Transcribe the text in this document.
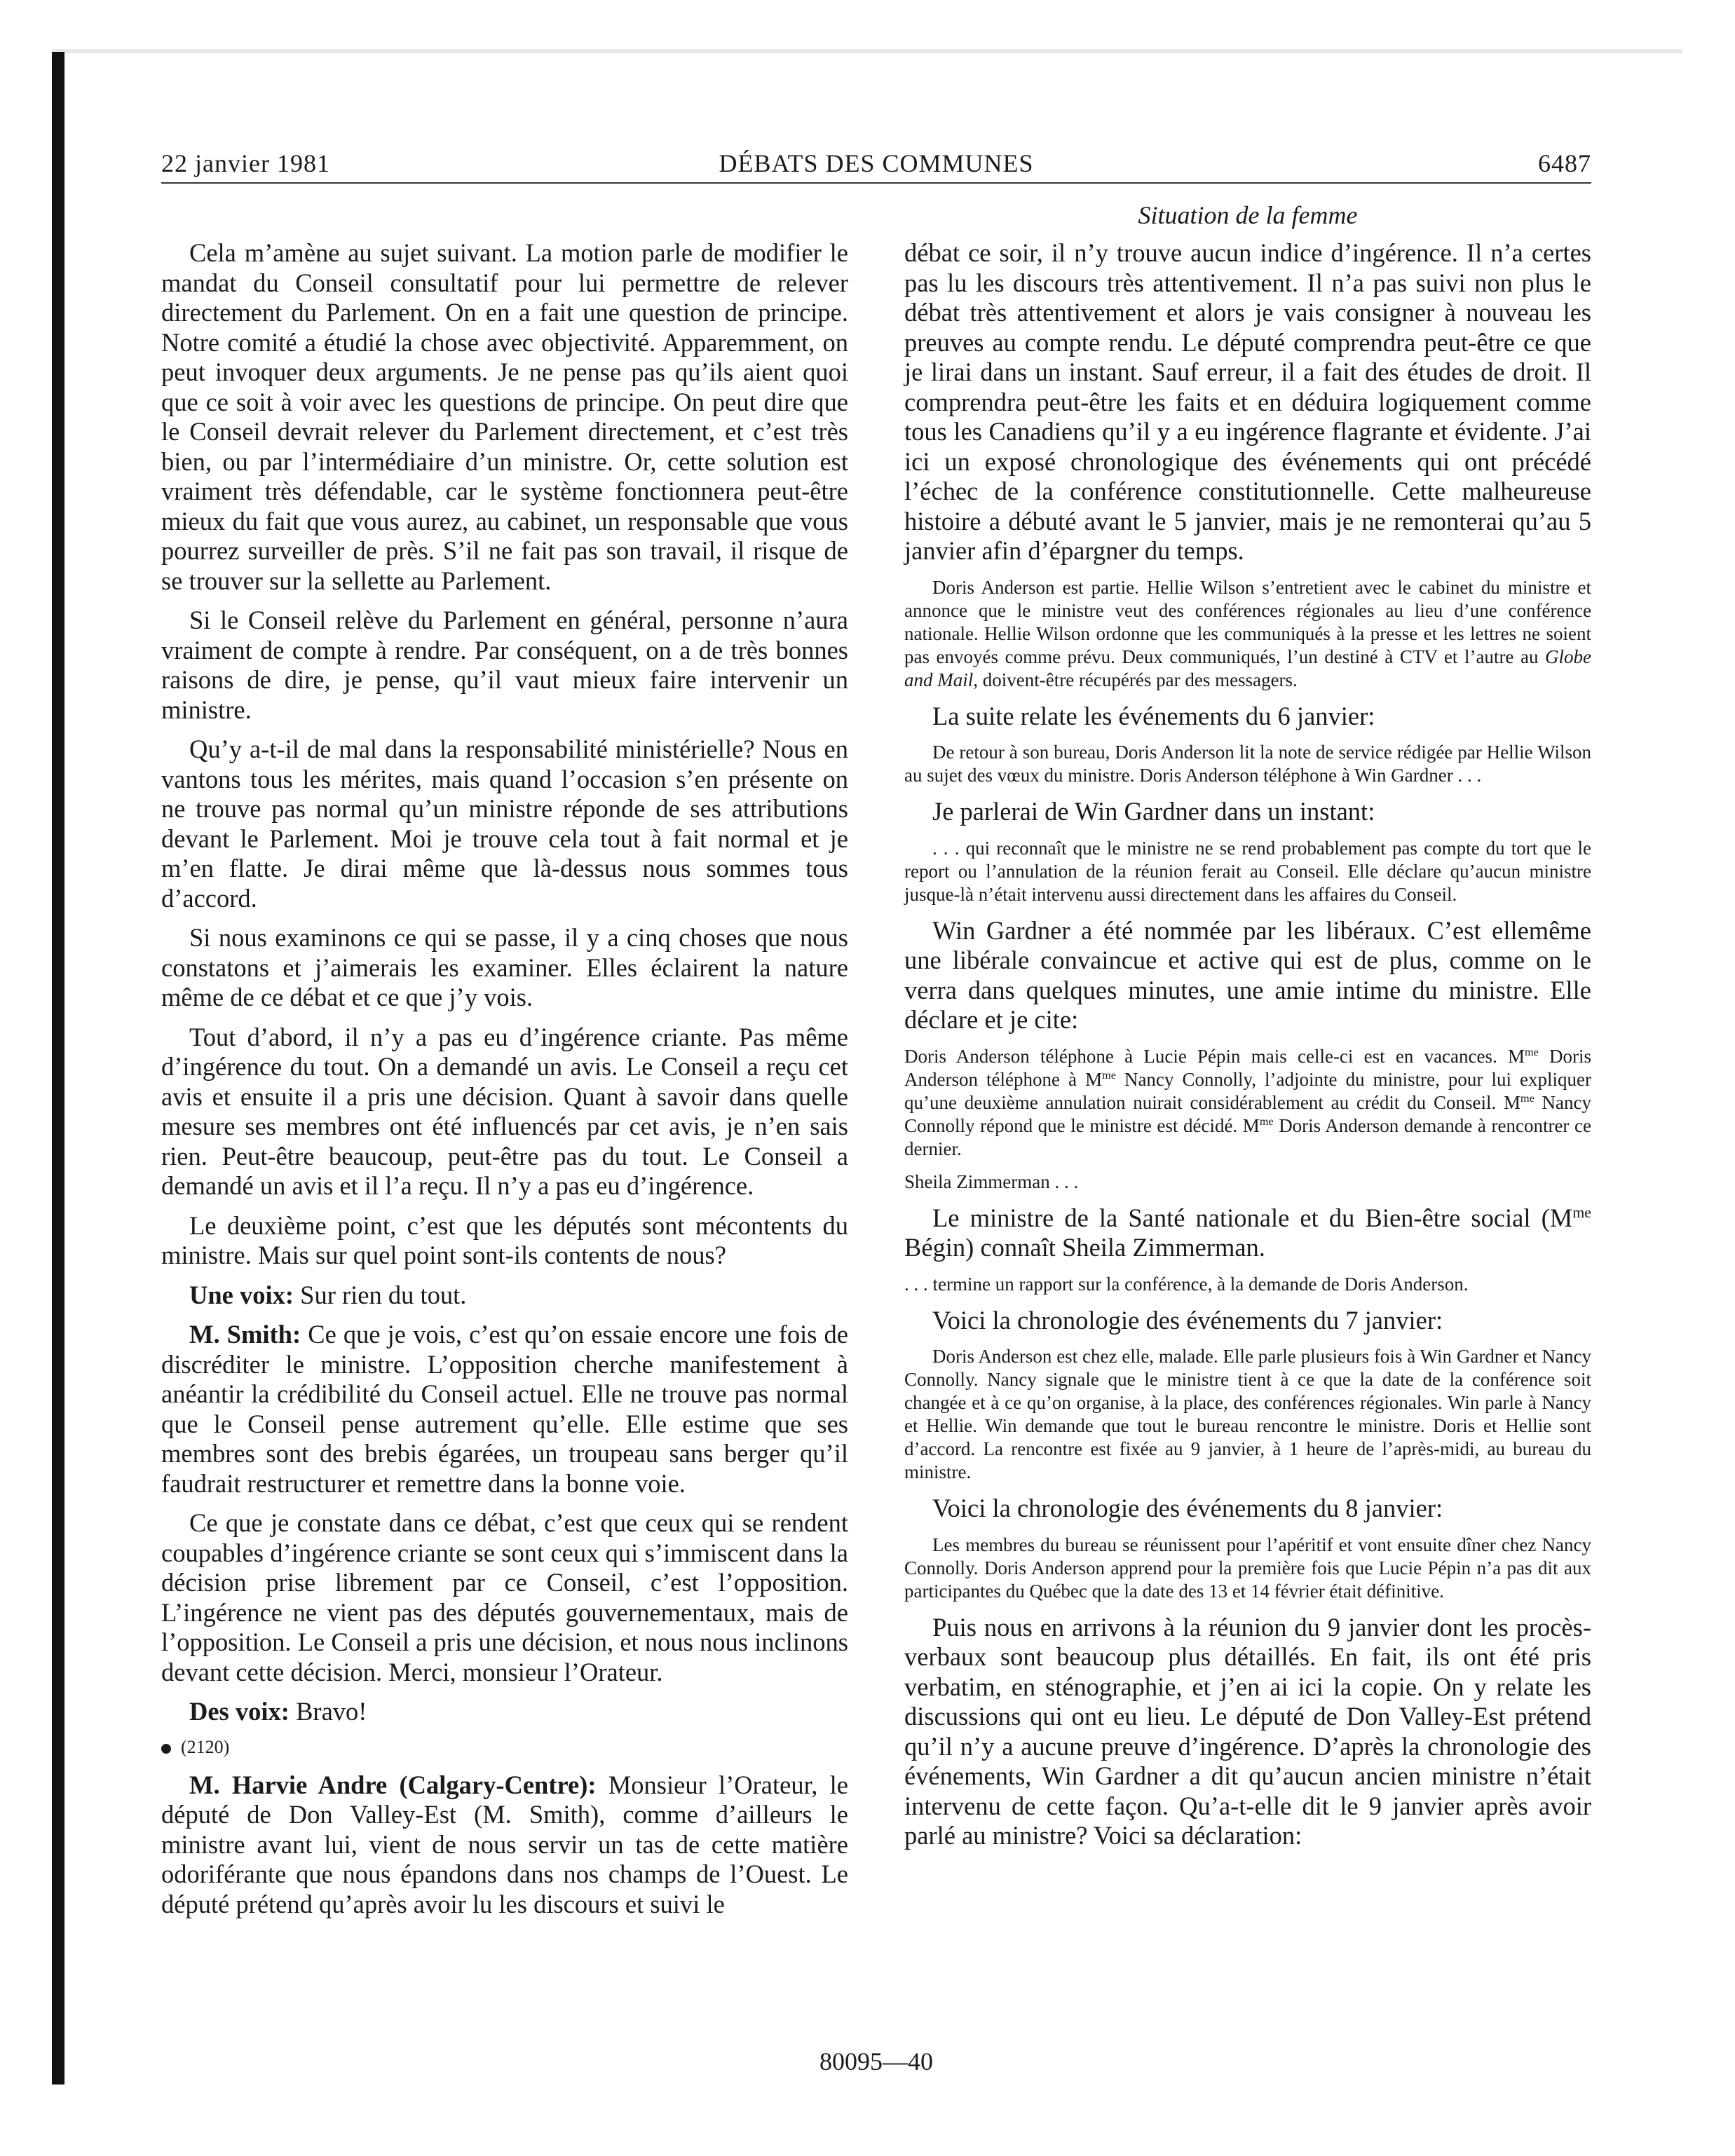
22 janvier 1981	DÉBATS DES COMMUNES	6487
Situation de la femme

Cela m’amène au sujet suivant. La motion parle de modifier le mandat du Conseil consultatif pour lui permettre de relever directement du Parlement. On en a fait une question de principe. Notre comité a étudié la chose avec objectivité. Apparemment, on peut invoquer deux arguments. Je ne pense pas qu’ils aient quoi que ce soit à voir avec les questions de principe. On peut dire que le Conseil devrait relever du Parlement directement, et c’est très bien, ou par l’intermédiaire d’un ministre. Or, cette solution est vraiment très défendable, car le système fonctionnera peut-être mieux du fait que vous aurez, au cabinet, un responsable que vous pourrez surveiller de près. S’il ne fait pas son travail, il risque de se trouver sur la sellette au Parlement.

Si le Conseil relève du Parlement en général, personne n’aura vraiment de compte à rendre. Par conséquent, on a de très bonnes raisons de dire, je pense, qu’il vaut mieux faire intervenir un ministre.

Qu’y a-t-il de mal dans la responsabilité ministérielle? Nous en vantons tous les mérites, mais quand l’occasion s’en présente on ne trouve pas normal qu’un ministre réponde de ses attributions devant le Parlement. Moi je trouve cela tout à fait normal et je m’en flatte. Je dirai même que là-dessus nous sommes tous d’accord.

Si nous examinons ce qui se passe, il y a cinq choses que nous constatons et j’aimerais les examiner. Elles éclairent la nature même de ce débat et ce que j’y vois.

Tout d’abord, il n’y a pas eu d’ingérence criante. Pas même d’ingérence du tout. On a demandé un avis. Le Conseil a reçu cet avis et ensuite il a pris une décision. Quant à savoir dans quelle mesure ses membres ont été influencés par cet avis, je n’en sais rien. Peut-être beaucoup, peut-être pas du tout. Le Conseil a demandé un avis et il l’a reçu. Il n’y a pas eu d’ingérence.

Le deuxième point, c’est que les députés sont mécontents du ministre. Mais sur quel point sont-ils contents de nous?

Une voix: Sur rien du tout.

M. Smith: Ce que je vois, c’est qu’on essaie encore une fois de discréditer le ministre. L’opposition cherche manifestement à anéantir la crédibilité du Conseil actuel. Elle ne trouve pas normal que le Conseil pense autrement qu’elle. Elle estime que ses membres sont des brebis égarées, un troupeau sans berger qu’il faudrait restructurer et remettre dans la bonne voie.

Ce que je constate dans ce débat, c’est que ceux qui se rendent coupables d’ingérence criante se sont ceux qui s’immiscent dans la décision prise librement par ce Conseil, c’est l’opposition. L’ingérence ne vient pas des députés gouvernementaux, mais de l’opposition. Le Conseil a pris une décision, et nous nous inclinons devant cette décision. Merci, monsieur l’Orateur.

Des voix: Bravo!

(2120)

M. Harvie Andre (Calgary-Centre): Monsieur l’Orateur, le député de Don Valley-Est (M. Smith), comme d’ailleurs le ministre avant lui, vient de nous servir un tas de cette matière odoriférante que nous épandons dans nos champs de l’Ouest. Le député prétend qu’après avoir lu les discours et suivi le

débat ce soir, il n’y trouve aucun indice d’ingérence. Il n’a certes pas lu les discours très attentivement. Il n’a pas suivi non plus le débat très attentivement et alors je vais consigner à nouveau les preuves au compte rendu. Le député comprendra peut-être ce que je lirai dans un instant. Sauf erreur, il a fait des études de droit. Il comprendra peut-être les faits et en déduira logiquement comme tous les Canadiens qu’il y a eu ingérence flagrante et évidente. J’ai ici un exposé chronologique des événements qui ont précédé l’échec de la conférence constitutionnelle. Cette malheureuse histoire a débuté avant le 5 janvier, mais je ne remonterai qu’au 5 janvier afin d’épargner du temps.

Doris Anderson est partie. Hellie Wilson s’entretient avec le cabinet du ministre et annonce que le ministre veut des conférences régionales au lieu d’une conférence nationale. Hellie Wilson ordonne que les communiqués à la presse et les lettres ne soient pas envoyés comme prévu. Deux communiqués, l’un destiné à CTV et l’autre au Globe and Mail, doivent-être récupérés par des messagers.

La suite relate les événements du 6 janvier:

De retour à son bureau, Doris Anderson lit la note de service rédigée par Hellie Wilson au sujet des vœux du ministre. Doris Anderson téléphone à Win Gardner . . .

Je parlerai de Win Gardner dans un instant:

. . . qui reconnaît que le ministre ne se rend probablement pas compte du tort que le report ou l’annulation de la réunion ferait au Conseil. Elle déclare qu’aucun ministre jusque-là n’était intervenu aussi directement dans les affaires du Conseil.

Win Gardner a été nommée par les libéraux. C’est ellemême une libérale convaincue et active qui est de plus, comme on le verra dans quelques minutes, une amie intime du ministre. Elle déclare et je cite:

Doris Anderson téléphone à Lucie Pépin mais celle-ci est en vacances. $M^{me}$ Doris Anderson téléphone à $M^{me}$ Nancy Connolly, l’adjointe du ministre, pour lui expliquer qu’une deuxième annulation nuirait considérablement au crédit du Conseil. $M^{me}$ Nancy Connolly répond que le ministre est décidé. $M^{me}$ Doris Anderson demande à rencontrer ce dernier.

Sheila Zimmerman . . .

Le ministre de la Santé nationale et du Bien-être social ($M^{me}$ Bégin) connaît Sheila Zimmerman.

. . . termine un rapport sur la conférence, à la demande de Doris Anderson.

Voici la chronologie des événements du 7 janvier:

Doris Anderson est chez elle, malade. Elle parle plusieurs fois à Win Gardner et Nancy Connolly. Nancy signale que le ministre tient à ce que la date de la conférence soit changée et à ce qu’on organise, à la place, des conférences régionales. Win parle à Nancy et Hellie. Win demande que tout le bureau rencontre le ministre. Doris et Hellie sont d’accord. La rencontre est fixée au 9 janvier, à 1 heure de l’après-midi, au bureau du ministre.

Voici la chronologie des événements du 8 janvier:

Les membres du bureau se réunissent pour l’apéritif et vont ensuite dîner chez Nancy Connolly. Doris Anderson apprend pour la première fois que Lucie Pépin n’a pas dit aux participantes du Québec que la date des 13 et 14 février était définitive.

Puis nous en arrivons à la réunion du 9 janvier dont les procès-verbaux sont beaucoup plus détaillés. En fait, ils ont été pris verbatim, en sténographie, et j’en ai ici la copie. On y relate les discussions qui ont eu lieu. Le député de Don Valley-Est prétend qu’il n’y a aucune preuve d’ingérence. D’après la chronologie des événements, Win Gardner a dit qu’aucun ancien ministre n’était intervenu de cette façon. Qu’a-t-elle dit le 9 janvier après avoir parlé au ministre? Voici sa déclaration:

80095—40
